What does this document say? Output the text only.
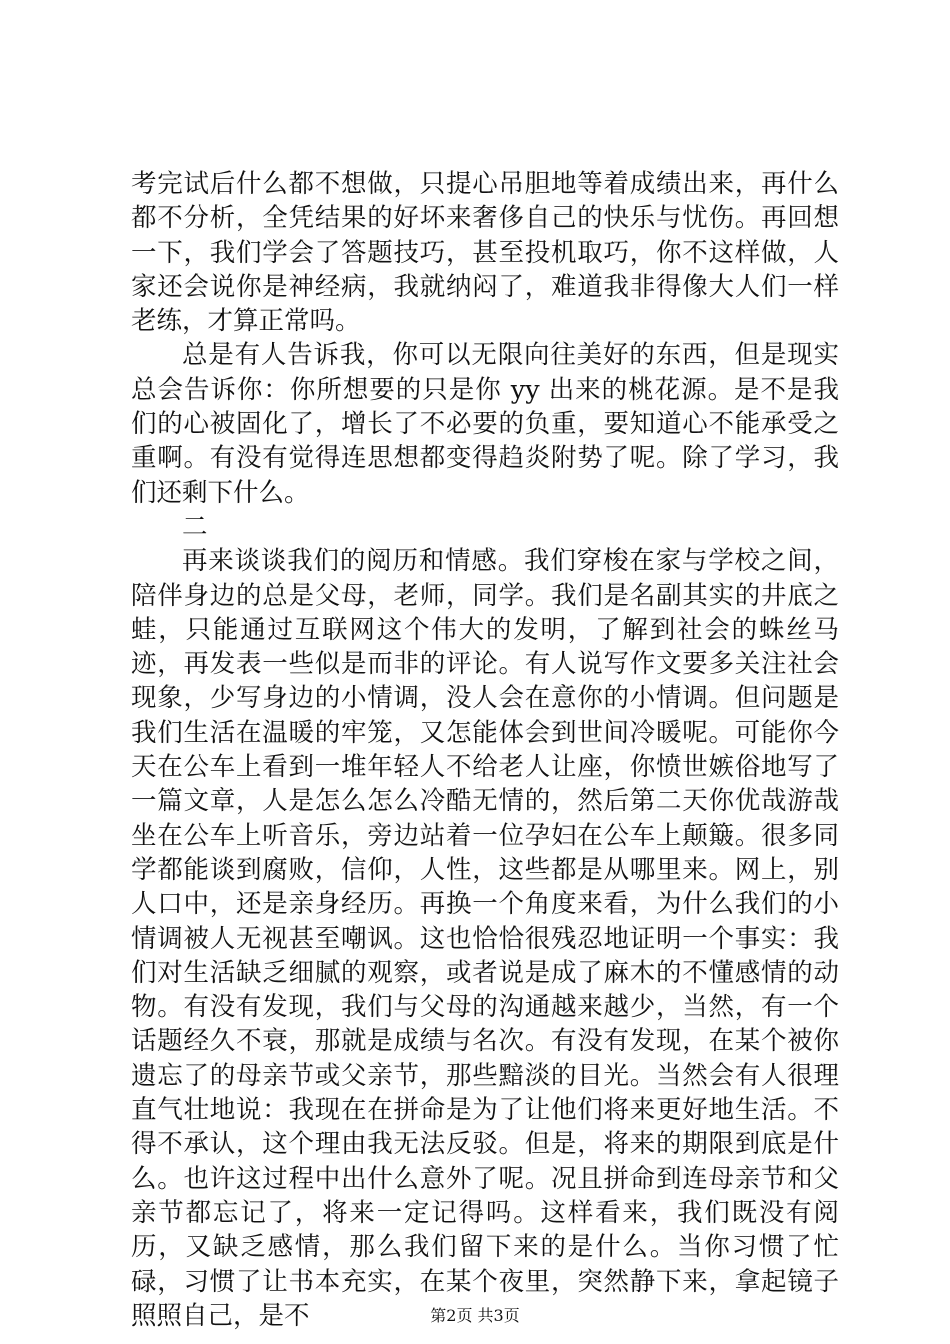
考完试后什么都不想做，只提心吊胆地等着成绩出来，再什么都不分析，全凭结果的好坏来奢侈自己的快乐与忧伤。再回想一下，我们学会了答题技巧，甚至投机取巧，你不这样做，人家还会说你是神经病，我就纳闷了，难道我非得像大人们一样老练，才算正常吗。

总是有人告诉我，你可以无限向往美好的东西，但是现实总会告诉你：你所想要的只是你 yy 出来的桃花源。是不是我们的心被固化了，增长了不必要的负重，要知道心不能承受之重啊。有没有觉得连思想都变得趋炎附势了呢。除了学习，我们还剩下什么。

二

再来谈谈我们的阅历和情感。我们穿梭在家与学校之间，陪伴身边的总是父母，老师，同学。我们是名副其实的井底之蛙，只能通过互联网这个伟大的发明，了解到社会的蛛丝马迹，再发表一些似是而非的评论。有人说写作文要多关注社会现象，少写身边的小情调，没人会在意你的小情调。但问题是我们生活在温暖的牢笼，又怎能体会到世间冷暖呢。可能你今天在公车上看到一堆年轻人不给老人让座，你愤世嫉俗地写了一篇文章，人是怎么怎么冷酷无情的，然后第二天你优哉游哉坐在公车上听音乐，旁边站着一位孕妇在公车上颠簸。很多同学都能谈到腐败，信仰，人性，这些都是从哪里来。网上，别人口中，还是亲身经历。再换一个角度来看，为什么我们的小情调被人无视甚至嘲讽。这也恰恰很残忍地证明一个事实：我们对生活缺乏细腻的观察，或者说是成了麻木的不懂感情的动物。有没有发现，我们与父母的沟通越来越少，当然，有一个话题经久不衰，那就是成绩与名次。有没有发现，在某个被你遗忘了的母亲节或父亲节，那些黯淡的目光。当然会有人很理直气壮地说：我现在在拼命是为了让他们将来更好地生活。不得不承认，这个理由我无法反驳。但是，将来的期限到底是什么。也许这过程中出什么意外了呢。况且拼命到连母亲节和父亲节都忘记了，将来一定记得吗。这样看来，我们既没有阅历，又缺乏感情，那么我们留下来的是什么。当你习惯了忙碌，习惯了让书本充实，在某个夜里，突然静下来，拿起镜子照照自己，是不	第2页 共3页
